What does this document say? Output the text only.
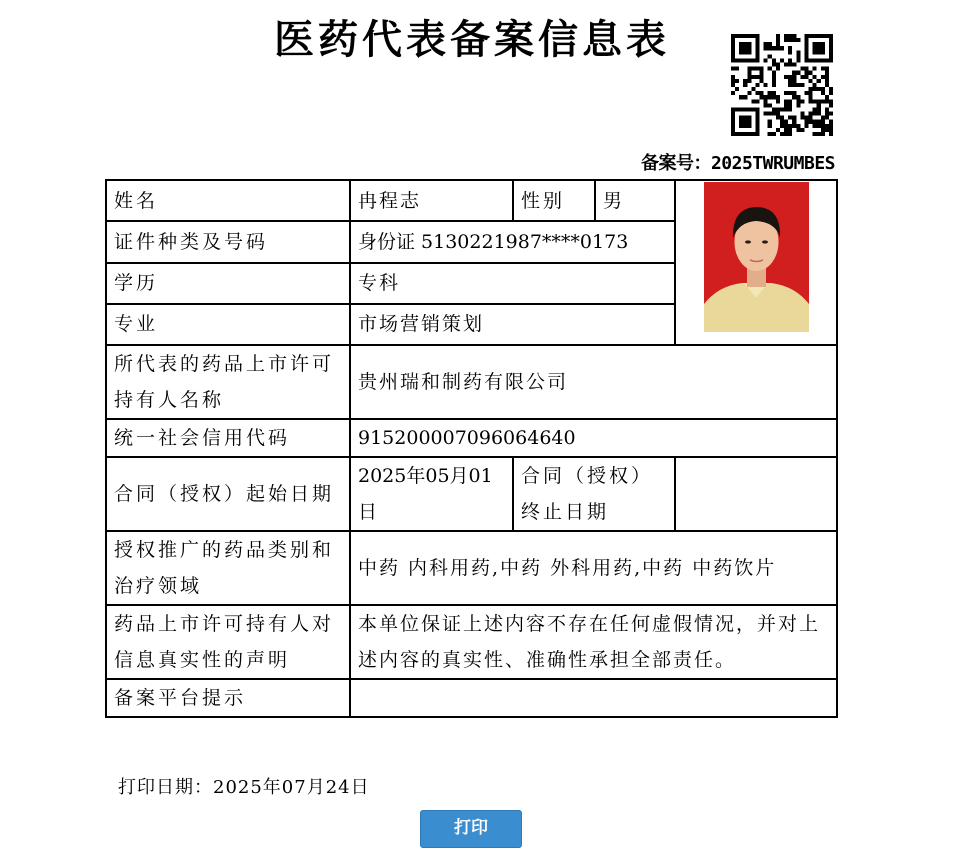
医药代表备案信息表
备案号：2025TWRUMBES
姓名	冉程志	性别	男	
证件种类及号码	身份证 5130221987****0173			
学历	专科			
专业	市场营销策划			
所代表的药品上市许可持有人名称	贵州瑞和制药有限公司			
统一社会信用代码	915200007096064640			
合同（授权）起始日期	2025年05月01日	合同（授权）终止日期		
授权推广的药品类别和治疗领域	中药 内科用药,中药 外科用药,中药 中药饮片			
药品上市许可持有人对信息真实性的声明	本单位保证上述内容不存在任何虚假情况，并对上述内容的真实性、准确性承担全部责任。			
备案平台提示				
打印日期：2025年07月24日
打印
